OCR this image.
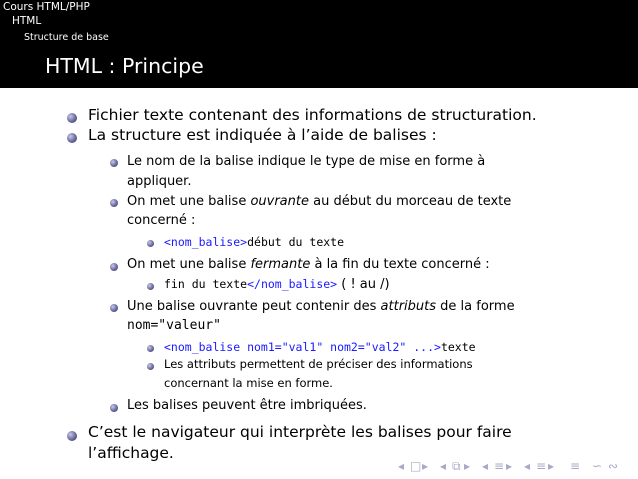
Cours HTML/PHP
HTML
Structure de base
HTML : Principe
Fichier texte contenant des informations de structuration.
La structure est indiquée à l’aide de balises :
Le nom de la balise indique le type de mise en forme à
appliquer.
On met une balise ouvrante au début du morceau de texte
concerné :
<nom_balise>début du texte
On met une balise fermante à la fin du texte concerné :
fin du texte</nom_balise> ( ! au /)
Une balise ouvrante peut contenir des attributs de la forme
nom="valeur"
<nom_balise nom1="val1" nom2="val2" ...>texte
Les attributs permettent de préciser des informations
concernant la mise en forme.
Les balises peuvent être imbriquées.
C’est le navigateur qui interprète les balises pour faire
l’affichage.
◂ □ ▸ ◂ ⧉ ▸ ◂ ≡ ▸ ◂ ≡ ▸ ≡ ∽ ∾
